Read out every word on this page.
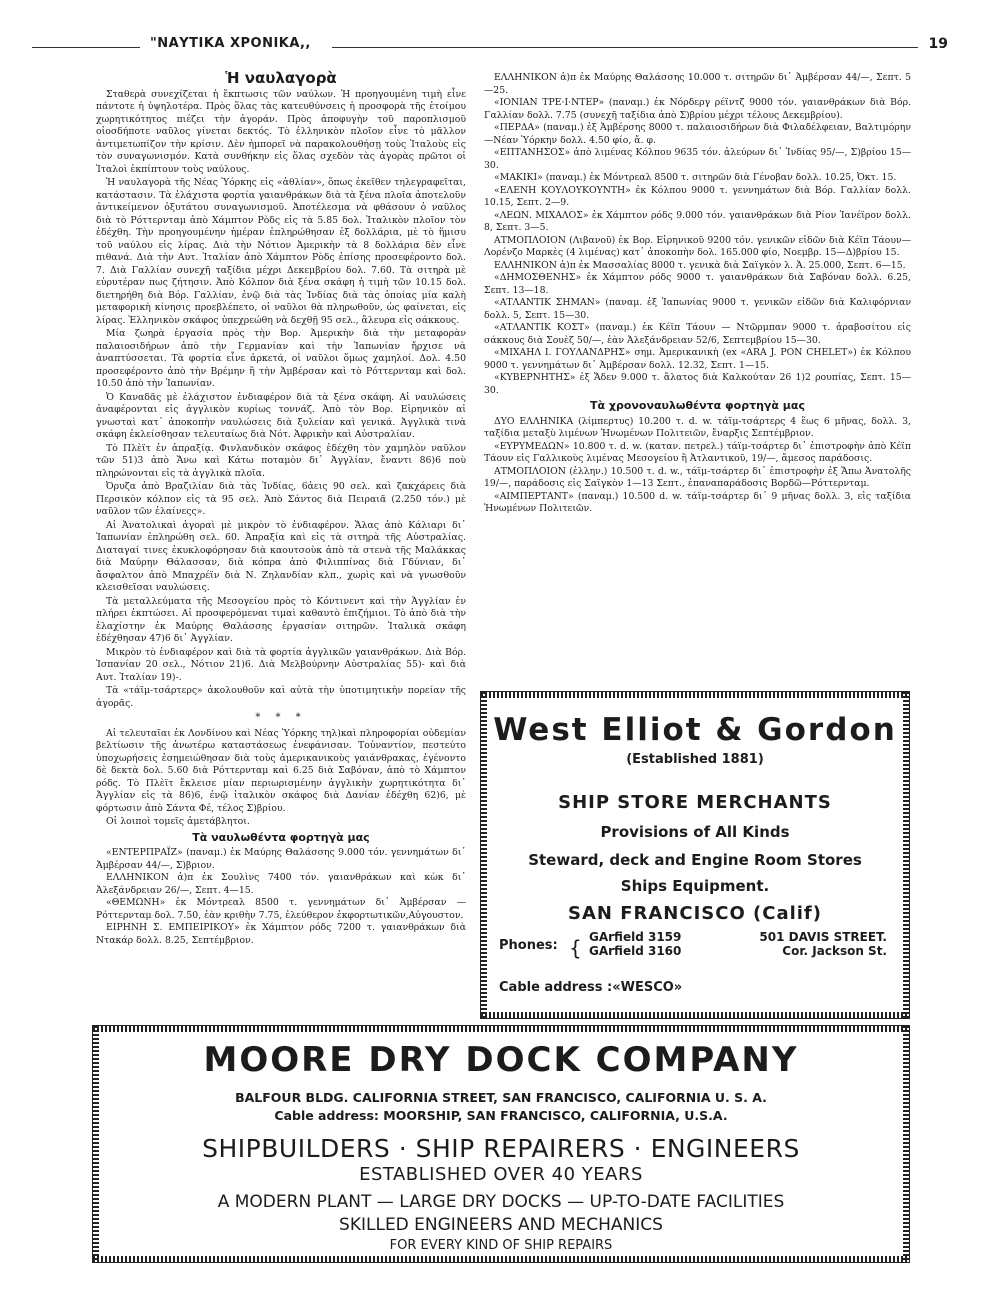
"ΝΑΥΤΙΚΑ ΧΡΟΝΙΚΑ,,	19
Ἡ ναυλαγορὰ

Σταθερὰ συνεχίζεται ἡ ἔκπτωσις τῶν ναύλων. Ἡ προηγουμένη τιμὴ εἶνε πάντοτε ἡ ὑψηλοτέρα. Πρὸς ὅλας τὰς κατευθύνσεις ἡ προσφορὰ τῆς ἑτοίμου χωρητικότητος πιέζει τὴν ἀγοράν. Πρὸς ἀποφυγὴν τοῦ παροπλισμοῦ οἱοσδήποτε ναῦλος γίνεται δεκτός. Τὸ ἑλληνικὸν πλοῖον εἶνε τὸ μᾶλλον ἀντιμετωπίζον τὴν κρίσιν. Δὲν ἠμπορεῖ νὰ παρακολουθήσῃ τοὺς Ἰταλοὺς εἰς τὸν συναγωνισμόν. Κατὰ συνθήκην εἰς ὅλας σχεδὸν τὰς ἀγορὰς πρῶτοι οἱ Ἰταλοὶ ἐκπίπτουν τοὺς ναύλους.

Ἡ ναυλαγορὰ τῆς Νέας Ὑόρκης εἰς «ἀθλίαν», ὅπως ἐκεῖθεν τηλεγραφεῖται, κατάστασιν. Τὰ ἐλάχιστα φορτία γαιανθράκων διὰ τὰ ξένα πλοῖα ἀποτελοῦν ἀντικείμενον ὀξυτάτου συναγωνισμοῦ. Ἀποτέλεσμα νὰ φθάσουν ὁ ναῦλος διὰ τὸ Ρόττερνταμ ἀπὸ Χάμπτον Ρὸδς εἰς τὰ 5.85 δολ. Ἰταλικὸν πλοῖον τὸν ἐδέχθη. Τὴν προηγουμένην ἡμέραν ἐπληρώθησαν ἐξ δολλάρια, μὲ τὸ ἥμισυ τοῦ ναύλου εἰς λίρας. Διὰ τὴν Νότιον Ἀμερικὴν τὰ 8 δολλάρια δὲν εἶνε πιθανά. Διὰ τὴν Αυτ. Ἰταλίαν ἀπὸ Χάμπτον Ρὸδς ἐπίσης προσεφέροντο δολ. 7. Διὰ Γαλλίαν συνεχῆ ταξίδια μέχρι Δεκεμβρίου δολ. 7.60. Τὰ σιτηρὰ μὲ εὐρυτέραν πως ζήτησιν. Ἀπὸ Κόλπον διὰ ξένα σκάφη ἡ τιμὴ τῶν 10.15 δολ. διετηρήθη διὰ Βόρ. Γαλλίαν, ἐνῷ διὰ τὰς Ἰνδίας διὰ τὰς ὁποίας μία καλὴ μεταφορικὴ κίνησις προεβλέπετο, οἱ ναῦλοι θὰ πληρωθοῦν, ὡς φαίνεται, εἰς λίρας. Ἑλληνικὸν σκάφος ὑπεχρεώθη νὰ δεχθῇ 95 σελ., ἄλευρα εἰς σάκκους.

Μία ζωηρὰ ἐργασία πρὸς τὴν Βορ. Ἀμερικὴν διὰ τὴν μεταφορὰν παλαιοσιδήρων ἀπὸ τὴν Γερμανίαν καὶ τὴν Ἰαπωνίαν ἤρχισε νὰ ἀναπτύσσεται. Τὰ φορτία εἶνε ἀρκετά, οἱ ναῦλοι ὅμως χαμηλοί. Δολ. 4.50 προσεφέροντο ἀπὸ τὴν Βρέμην ἢ τὴν Ἀμβέρσαν καὶ τὸ Ρόττερνταμ καὶ δολ. 10.50 ἀπὸ τὴν Ἰαπωνίαν.

Ὁ Καναδᾶς μὲ ἐλάχιστον ἐνδιαφέρον διὰ τὰ ξένα σκάφη. Αἱ ναυλώσεις ἀναφέρονται εἰς ἀγγλικὸν κυρίως τοννάζ. Ἀπὸ τὸν Βορ. Εἰρηνικὸν αἱ γνωσταὶ κατ᾽ ἀποκοπὴν ναυλώσεις διὰ ξυλείαν καὶ γενικά. Ἀγγλικὰ τινὰ σκάφη ἐκλείσθησαν τελευταίως διὰ Νότ. Ἀφρικὴν καὶ Αὐστραλίαν.

Τὸ Πλὲϊτ ἐν ἀπραξίᾳ. Φινλανδικὸν σκάφος ἐδέχθη τὸν χαμηλὸν ναῦλον τῶν 51)3 ἀπὸ Ἄνω καὶ Κάτω ποταμὸν δι᾽ Ἀγγλίαν, ἔναντι 86)6 ποὺ πληρώνονται εἰς τὰ ἀγγλικὰ πλοῖα.

Ὀρυζα ἀπὸ Βραζιλίαν διὰ τὰς Ἰνδίας, 6ἀεις 90 σελ. καὶ ζακχάρεις διὰ Περσικὸν κόλπον εἰς τὰ 95 σελ. Ἀπὸ Σάντος διὰ Πειραιᾶ (2.250 τόν.) μὲ ναῦλον τῶν ἐλαίνεςς».

Αἱ Ἀνατολικαὶ ἀγοραὶ μὲ μικρὸν τὸ ἐνδιαφέρον. Ἄλας ἀπὸ Κάλιαρι δι᾽ Ἰαπωνίαν ἐπληρώθη σελ. 60. Ἀπραξία καὶ εἰς τὰ σιτηρὰ τῆς Αὐστραλίας. Διαταγαί τινες ἐκυκλοφόρησαν διὰ καουτσοὺκ ἀπὸ τὰ στενὰ τῆς Μαλάκκας διὰ Μαύρην Θάλασσαν, διὰ κόπρα ἀπὸ Φιλιππίνας διὰ Γδύνιαν, δι᾽ ἄσφαλτον ἀπὸ Μπαχρέϊν διὰ Ν. Ζηλανδίαν κλπ., χωρὶς καὶ νὰ γνωσθοῦν κλεισθεῖσαι ναυλώσεις.

Τὰ μεταλλεύματα τῆς Μεσογείου πρὸς τὸ Κόντινεντ καὶ τὴν Ἀγγλίαν ἐν πλήρει ἐκπτώσει. Αἱ προσφερόμεναι τιμαὶ καθαυτὸ ἐπιζήμιοι. Τὸ ἀπὸ διὰ τὴν ἐλαχίστην ἐκ Μαύρης Θαλάσσης ἐργασίαν σιτηρῶν. Ἰταλικὰ σκάφη ἐδέχθησαν 47)6 δι᾽ Ἀγγλίαν.

Μικρὸν τὸ ἐνδιαφέρον καὶ διὰ τὰ φορτία ἀγγλικῶν γαιανθράκων. Διὰ Βόρ. Ἰσπανίαν 20 σελ., Νότιον 21)6. Διὰ Μελβούρνην Αὐστραλίας 55)- καὶ διὰ Αυτ. Ἰταλίαν 19)-.

Τὰ «τάϊμ-τσάρτερς» ἀκολουθοῦν καὶ αὐτὰ τὴν ὑποτιμητικὴν πορείαν τῆς ἀγορᾶς.

* * *

Αἱ τελευταῖαι ἐκ Λονδίνου καὶ Νέας Ὑόρκης τηλ)καὶ πληροφορίαι οὐδεμίαν βελτίωσιν τῆς ἀνωτέρω καταστάσεως ἐνεφάνισαν. Τοὐναντίον, πεστεύτο ὑποχωρήσεις ἐσημειώθησαν διὰ τοὺς ἀμερικανικοὺς γαιάνθρακας, ἐγένοντο δὲ δεκτὰ δολ. 5.60 διὰ Ρόττερνταμ καὶ 6.25 διὰ Σαβόναν, ἀπὸ τὸ Χάμπτον ρόδς. Τὸ Πλὲϊτ ἔκλεισε μίαν περιωρισμένην ἀγγλικὴν χωρητικότητα δι᾽ Ἀγγλίαν εἰς τὰ 86)6, ἐνῷ ἰταλικὸν σκάφος διὰ Δανίαν ἐδέχθη 62)6, μὲ φόρτωσιν ἀπὸ Σάντα Φέ, τέλος Σ)βρίου.

Οἱ λοιποὶ τομεῖς ἀμετάβλητοι.

Τὰ ναυλωθέντα φορτηγὰ μας

«ΕΝΤΕΡΠΡΑΪΖ» (παναμ.) ἐκ Μαύρης Θαλάσσης 9.000 τόν. γεννημάτων δι᾽ Ἀμβέρσαν 44/—, Σ)βριον.

ΕΛΛΗΝΙΚΟΝ ἀ)π ἐκ Σουλὶνς 7400 τόν. γαιανθράκων καὶ κὼκ δι᾽ Ἀλεξάνδρειαν 26/—, Σεπτ. 4—15.

«ΘΕΜΩΝΗ» ἐκ Μόντρεαλ 8500 τ. γεννημάτων δι᾽ Ἀμβέρσαν — Ρόττερνταμ δολ. 7.50, ἐὰν κριθὴν 7.75, ἐλεύθερον ἐκφορτωτικῶν,Αὐγουστον.

ΕΙΡΗΝΗ Σ. ΕΜΠΕΙΡΙΚΟΥ» ἐκ Χάμπτον ρόδς 7200 τ. γαιανθράκων διὰ Ντακάρ δολλ. 8.25, Σεπτέμβριον.

ΕΛΛΗΝΙΚΟΝ ἀ)π ἐκ Μαύρης Θαλάσσης 10.000 τ. σιτηρῶν δι᾽ Ἀμβέρσαν 44/—, Σεπτ. 5—25.

«ΙΟΝΙΑΝ ΤΡΕ·Ι·ΝΤΕΡ» (παναμ.) ἐκ Νόρδεργ ρέϊντζ 9000 τόν. γαιανθράκων διὰ Βόρ. Γαλλίαν δολλ. 7.75 (συνεχῆ ταξίδια ἀπὸ Σ)βρίου μέχρι τέλους Δεκεμβρίου).

«ΠΕΡΔΑ» (παναμ.) ἐξ Ἀμβέρσης 8000 τ. παλαιοσιδήρων διὰ Φιλαδέλφειαν, Βαλτιμόρην—Νέαν Ὑόρκην δολλ. 4.50 φίο, ἄ. φ.

«ΕΠΤΑΝΗΣΟΣ» ἀπὸ λιμένας Κόλπου 9635 τόν. ἀλεύρων δι᾽ Ἰνδίας 95/—, Σ)βρίου 15—30.

«ΜΑΚΙΚΙ» (παναμ.) ἐκ Μόντρεαλ 8500 τ. σιτηρῶν διὰ Γένοβαν δολλ. 10.25, Ὀκτ. 15.

«ΕΛΕΝΗ ΚΟΥΛΟΥΚΟΥΝΤΗ» ἐκ Κόλπου 9000 τ. γεννημάτων διὰ Βόρ. Γαλλίαν δολλ. 10.15, Σεπτ. 2—9.

«ΛΕΩΝ. ΜΙΧΑΛΟΣ» ἐκ Χάμπτον ρόδς 9.000 τόν. γαιανθράκων διὰ Ρίον Ἰανέϊρον δολλ. 8, Σεπτ. 3—5.

ΑΤΜΟΠΛΟΙΟΝ (Λιβανοῦ) ἐκ Βορ. Εἰρηνικοῦ 9200 τόν. γενικῶν εἰδῶν διὰ Κέϊπ Τάουν—Λορένζο Μαρκὲς (4 λιμένας) κατ᾽ ἀποκοπὴν δολ. 165.000 φίο, Νοεμβρ. 15—Δ)βρίου 15.

ΕΛΛΗΝΙΚΟΝ ἀ)π ἐκ Μασσαλίας 8000 τ. γενικὰ διὰ Σαϊγκὸν λ. Ἀ. 25.000, Σεπτ. 6—15.

«ΔΗΜΟΣΘΕΝΗΣ» ἐκ Χάμπτον ρόδς 9000 τ. γαιανθράκων διὰ Σαβόναν δολλ. 6.25, Σεπτ. 13—18.

«ΑΤΛΑΝΤΙΚ ΣΗΜΑΝ» (παναμ. ἐξ Ἰαπωνίας 9000 τ. γενικῶν εἰδῶν διὰ Καλιφόρνιαν δολλ. 5, Σεπτ. 15—30.

«ΑΤΛΑΝΤΙΚ ΚΟΣΤ» (παναμ.) ἐκ Κέϊπ Τάουν — Ντῶρμπαν 9000 τ. ἀραβοσίτου εἰς σάκκους διὰ Σουὲζ 50/—, ἐὰν Ἀλεξάνδρειαν 52/6, Σεπτεμβρίου 15—30.

«ΜΙΧΑΗΛ Ι. ΓΟΥΛΑΝΔΡΗΣ» σημ. Ἀμερικανικὴ (ex «ARA J. PON CHELET») ἐκ Κόλπου 9000 τ. γεννημάτων δι᾽ Ἀμβέρσαν δολλ. 12.32, Σεπτ. 1—15.

«ΚΥΒΕΡΝΗΤΗΣ» ἐξ Ἄδεν 9.000 τ. ἅλατος διὰ Καλκούταν 26 1)2 ρουπίας, Σεπτ. 15—30.

Τὰ χρονοναυλωθέντα φορτηγὰ μας

ΔΥΟ ΕΛΛΗΝΙΚΑ (λίμπερτυς) 10.200 τ. d. w. τάϊμ-τσάρτερς 4 ἕως 6 μῆνας, δολλ. 3, ταξίδια μεταξὺ λιμένων Ἡνωμένων Πολιτειῶν, ἔναρξις Σεπτέμβριον.

«ΕΥΡΥΜΕΔΩΝ» 10.800 τ. d. w. (καταν. πετρελ.) τάϊμ-τσάρτερ δι᾽ ἐπιστροφὴν ἀπὸ Κέϊπ Τάουν εἰς Γαλλικοὺς λιμένας Μεσογείου ἢ Ἀτλαντικοῦ, 19/—, ἄμεσος παράδοσις.

ΑΤΜΟΠΛΟΙΟΝ (ἑλλην.) 10.500 τ. d. w., τάϊμ-τσάρτερ δι᾽ ἐπιστροφὴν ἐξ Ἄπω Ἀνατολῆς 19/—, παράδοσις εἰς Σαϊγκὸν 1—13 Σεπτ., ἐπαναπαράδοσις Βορδῶ—Ρόττερνταμ.

«ΑΙΜΠΕΡΤΑΝΤ» (παναμ.) 10.500 d. w. τάϊμ-τσάρτερ δι᾽ 9 μῆνας δολλ. 3, εἰς ταξίδια Ἡνωμένων Πολιτειῶν.

West Elliot & Gordon
(Established 1881)
SHIP STORE MERCHANTS
Provisions of All Kinds
Steward, deck and Engine Room Stores
Ships Equipment.
SAN FRANCISCO (Calif)
Phones: { GArfield 3159
GArfield 3160
501 DAVIS STREET.
Cor. Jackson St.
Cable address :«WESCO»
MOORE DRY DOCK COMPANY
BALFOUR BLDG. CALIFORNIA STREET, SAN FRANCISCO, CALIFORNIA U. S. A.
Cable address: MOORSHIP, SAN FRANCISCO, CALIFORNIA, U.S.A.
SHIPBUILDERS · SHIP REPAIRERS · ENGINEERS
ESTABLISHED OVER 40 YEARS
A MODERN PLANT — LARGE DRY DOCKS — UP-TO-DATE FACILITIES
SKILLED ENGINEERS AND MECHANICS
FOR EVERY KIND OF SHIP REPAIRS
